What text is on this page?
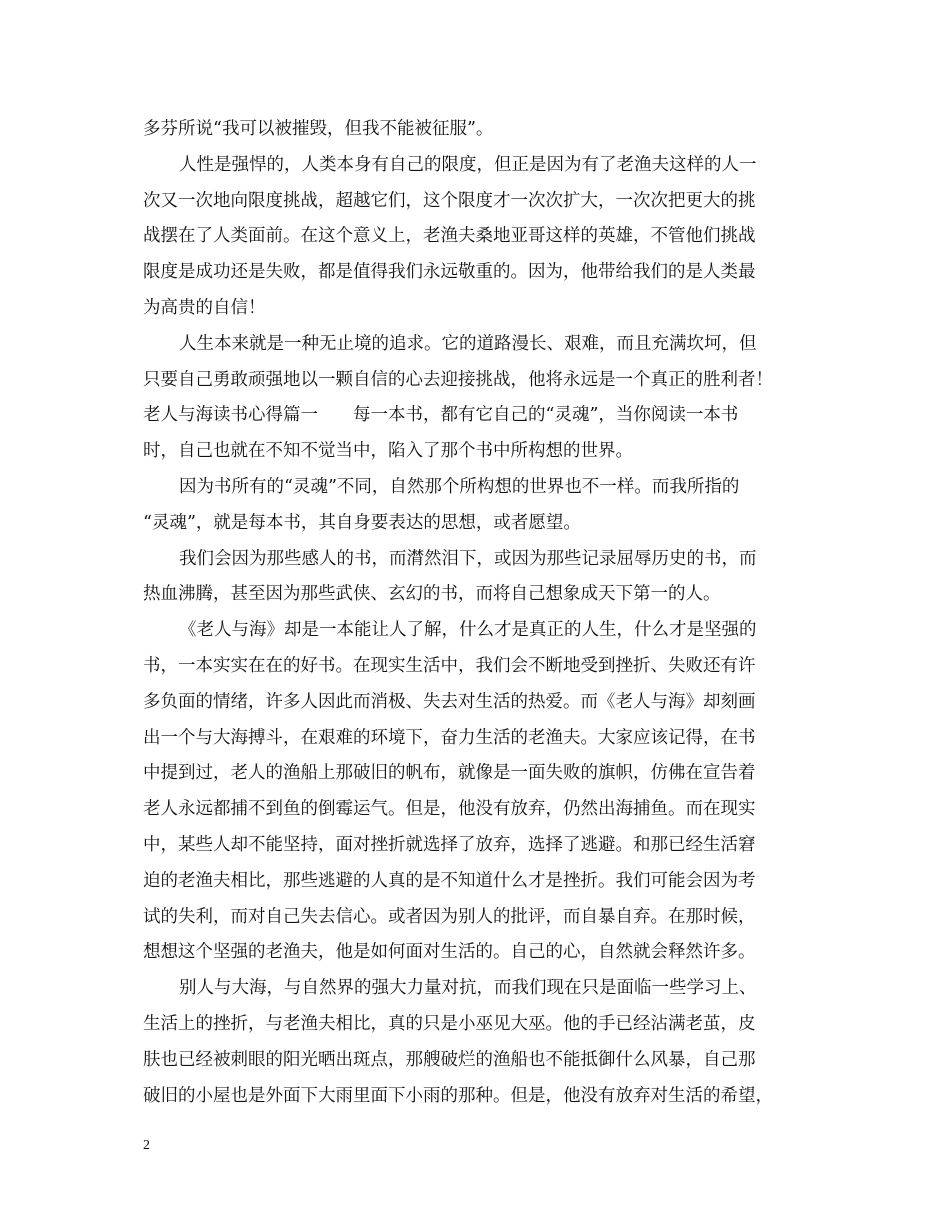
多芬所说“我可以被摧毁，但我不能被征服”。
人性是强悍的，人类本身有自己的限度，但正是因为有了老渔夫这样的人一
次又一次地向限度挑战，超越它们，这个限度才一次次扩大，一次次把更大的挑
战摆在了人类面前。在这个意义上，老渔夫桑地亚哥这样的英雄，不管他们挑战
限度是成功还是失败，都是值得我们永远敬重的。因为，他带给我们的是人类最
为高贵的自信！
人生本来就是一种无止境的追求。它的道路漫长、艰难，而且充满坎坷，但
只要自己勇敢顽强地以一颗自信的心去迎接挑战，他将永远是一个真正的胜利者！
老人与海读书心得篇一　　每一本书，都有它自己的“灵魂”，当你阅读一本书
时，自己也就在不知不觉当中，陷入了那个书中所构想的世界。
因为书所有的“灵魂”不同，自然那个所构想的世界也不一样。而我所指的
“灵魂”，就是每本书，其自身要表达的思想，或者愿望。
我们会因为那些感人的书，而潸然泪下，或因为那些记录屈辱历史的书，而
热血沸腾，甚至因为那些武侠、玄幻的书，而将自己想象成天下第一的人。
《老人与海》却是一本能让人了解，什么才是真正的人生，什么才是坚强的
书，一本实实在在的好书。在现实生活中，我们会不断地受到挫折、失败还有许
多负面的情绪，许多人因此而消极、失去对生活的热爱。而《老人与海》却刻画
出一个与大海搏斗，在艰难的环境下，奋力生活的老渔夫。大家应该记得，在书
中提到过，老人的渔船上那破旧的帆布，就像是一面失败的旗帜，仿佛在宣告着
老人永远都捕不到鱼的倒霉运气。但是，他没有放弃，仍然出海捕鱼。而在现实
中，某些人却不能坚持，面对挫折就选择了放弃，选择了逃避。和那已经生活窘
迫的老渔夫相比，那些逃避的人真的是不知道什么才是挫折。我们可能会因为考
试的失利，而对自己失去信心。或者因为别人的批评，而自暴自弃。在那时候，
想想这个坚强的老渔夫，他是如何面对生活的。自己的心，自然就会释然许多。
别人与大海，与自然界的强大力量对抗，而我们现在只是面临一些学习上、
生活上的挫折，与老渔夫相比，真的只是小巫见大巫。他的手已经沾满老茧，皮
肤也已经被刺眼的阳光晒出斑点，那艘破烂的渔船也不能抵御什么风暴，自己那
破旧的小屋也是外面下大雨里面下小雨的那种。但是，他没有放弃对生活的希望，
2
